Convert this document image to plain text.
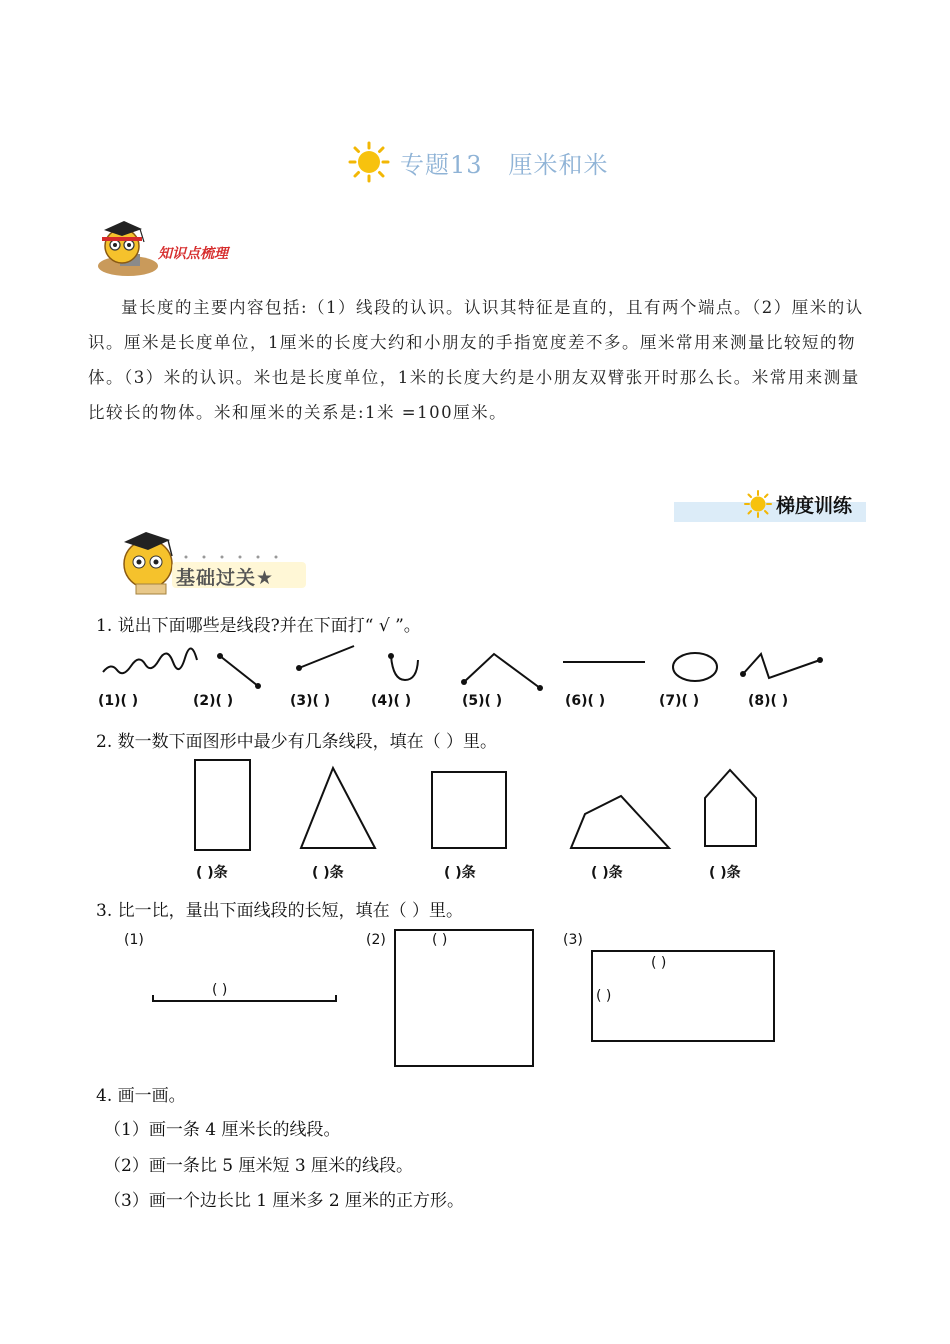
专题13 厘米和米
知识点梳理
量长度的主要内容包括:（1）线段的认识。认识其特征是直的，且有两个端点。（2）厘米的认识。厘米是长度单位，1厘米的长度大约和小朋友的手指宽度差不多。厘米常用来测量比较短的物体。（3）米的认识。米也是长度单位，1米的长度大约是小朋友双臂张开时那么长。米常用来测量比较长的物体。米和厘米的关系是:1米 =100厘米。
梯度训练
基础过关★
1. 说出下面哪些是线段?并在下面打“ √ ”。
(1)( )	(2)( )	(3)( )	(4)( )	(5)( )	(6)( )	(7)( )	(8)( )
2. 数一数下面图形中最少有几条线段，填在（ ）里。
( )条	( )条	( )条	( )条	( )条
3. 比一比，量出下面线段的长短，填在（ ）里。
(1)	(2)	(3)
( )
( )
( )
( )
4. 画一画。
（1）画一条 4 厘米长的线段。
（2）画一条比 5 厘米短 3 厘米的线段。
（3）画一个边长比 1 厘米多 2 厘米的正方形。
